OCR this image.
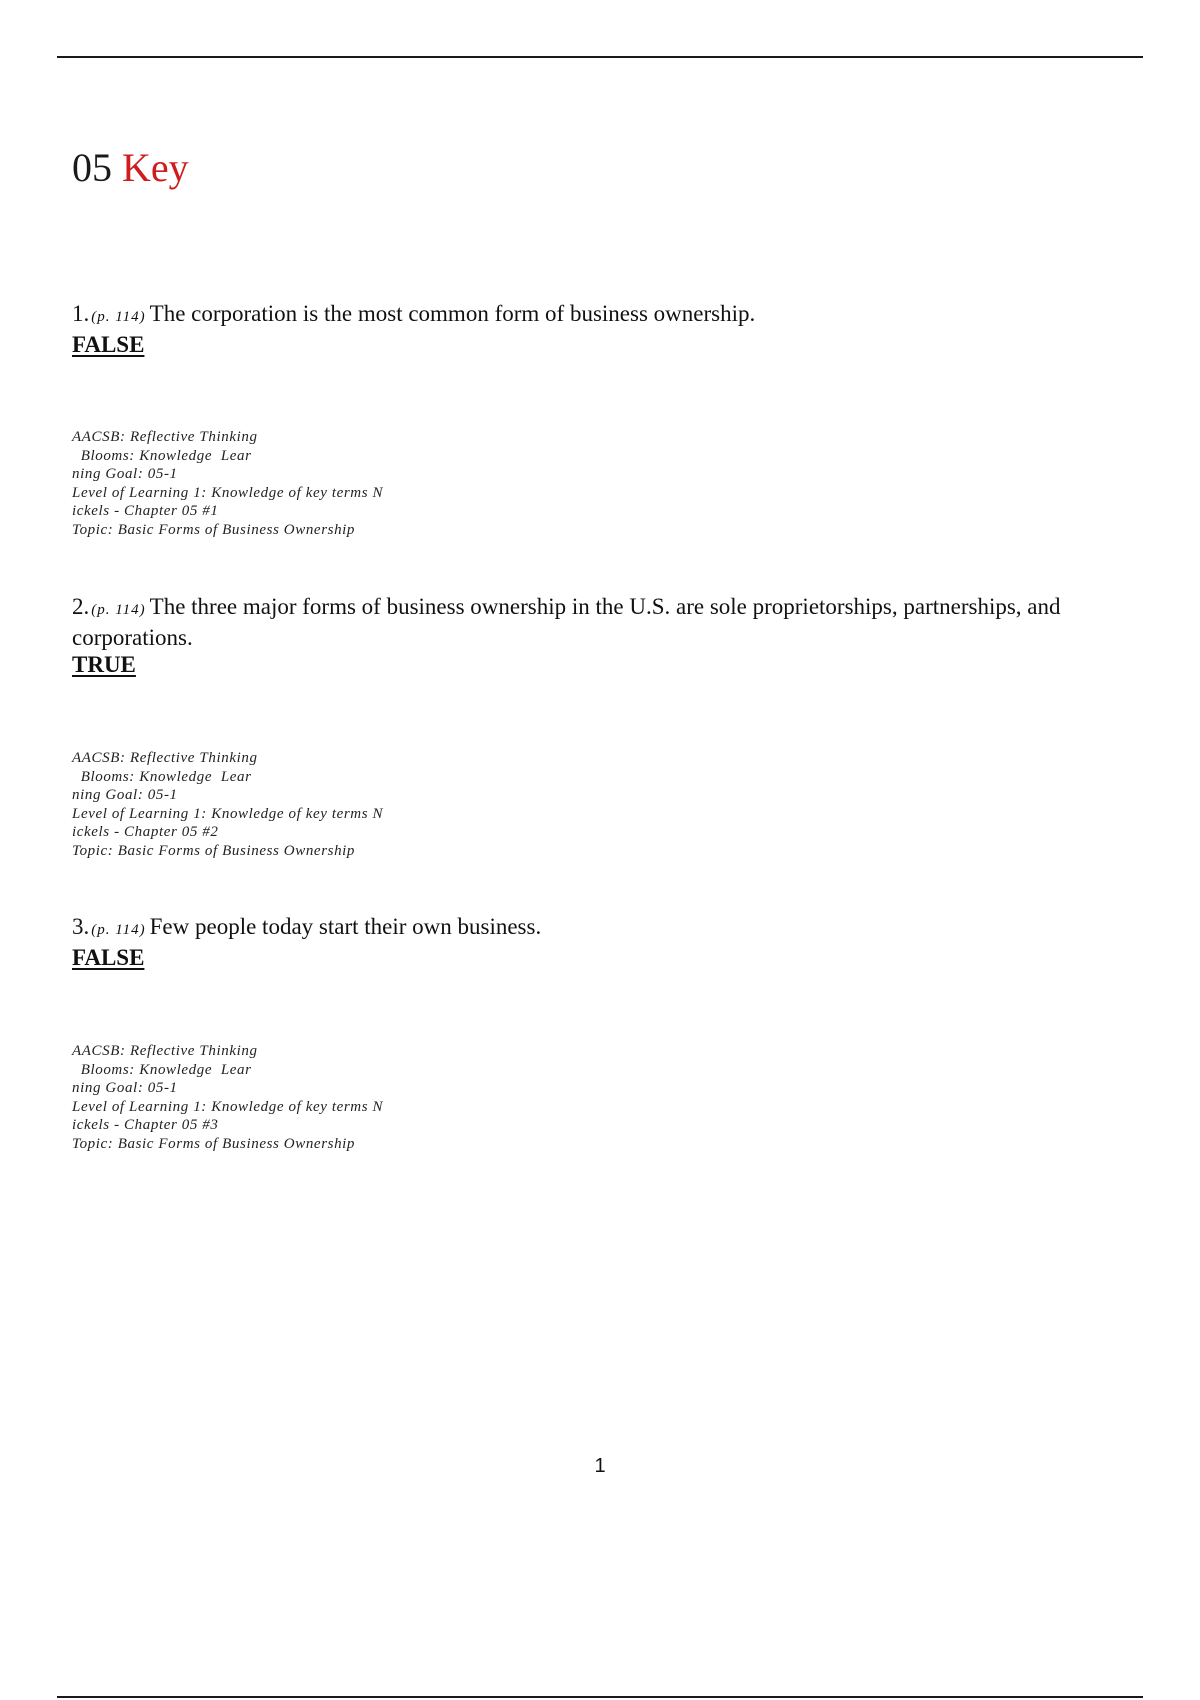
05 Key

1. (p. 114) The corporation is the most common form of business ownership.

FALSE

AACSB: Reflective Thinking
Blooms: Knowledge  Lear
ning Goal: 05-1
Level of Learning 1: Knowledge of key terms N
ickels - Chapter 05 #1
Topic: Basic Forms of Business Ownership

2. (p. 114) The three major forms of business ownership in the U.S. are sole proprietorships, partnerships, and corporations.

TRUE

AACSB: Reflective Thinking
Blooms: Knowledge  Lear
ning Goal: 05-1
Level of Learning 1: Knowledge of key terms N
ickels - Chapter 05 #2
Topic: Basic Forms of Business Ownership

3. (p. 114) Few people today start their own business.

FALSE

AACSB: Reflective Thinking
Blooms: Knowledge  Lear
ning Goal: 05-1
Level of Learning 1: Knowledge of key terms N
ickels - Chapter 05 #3
Topic: Basic Forms of Business Ownership
1
